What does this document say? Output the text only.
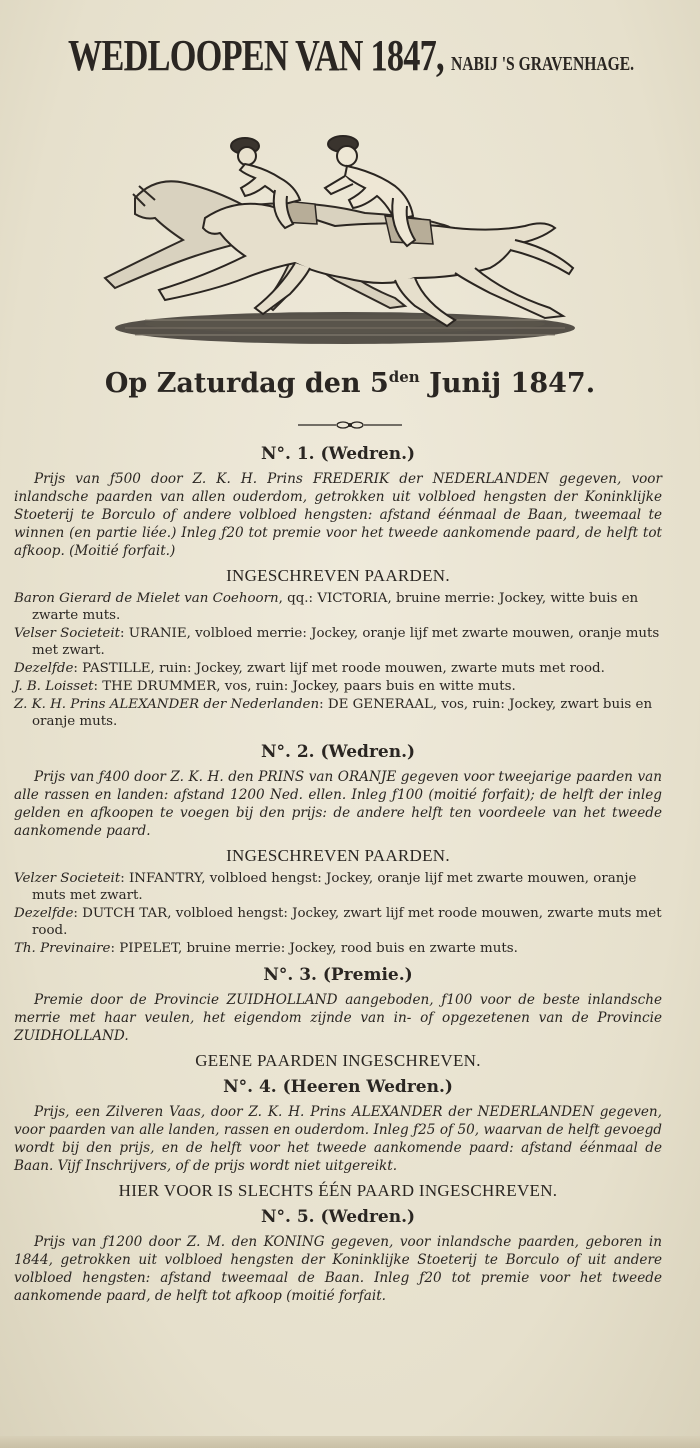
WEDLOOPEN VAN 1847, NABIJ 'S GRAVENHAGE.
Op Zaturdag den $5^{den}$ Junij 1847.
N°. 1. (Wedren.)

Prijs van ƒ500 door Z. K. H. Prins FREDERIK der NEDERLANDEN gegeven, voor inlandsche paarden van allen ouderdom, getrokken uit volbloed hengsten der Koninklijke Stoeterij te Borculo of andere volbloed hengsten: afstand éénmaal de Baan, tweemaal te winnen (en partie liée.) Inleg ƒ20 tot premie voor het tweede aankomende paard, de helft tot afkoop. (Moitié forfait.)

INGESCHREVEN PAARDEN.
Baron Gierard de Mielet van Coehoorn, qq.: VICTORIA, bruine merrie: Jockey, witte buis en zwarte muts.
Velser Societeit: URANIE, volbloed merrie: Jockey, oranje lijf met zwarte mouwen, oranje muts met zwart.
Dezelfde: PASTILLE, ruin: Jockey, zwart lijf met roode mouwen, zwarte muts met rood.
J. B. Loisset: THE DRUMMER, vos, ruin: Jockey, paars buis en witte muts.
Z. K. H. Prins ALEXANDER der Nederlanden: DE GENERAAL, vos, ruin: Jockey, zwart buis en oranje muts.
N°. 2. (Wedren.)

Prijs van ƒ400 door Z. K. H. den PRINS van ORANJE gegeven voor tweejarige paarden van alle rassen en landen: afstand 1200 Ned. ellen. Inleg ƒ100 (moitié forfait); de helft der inleg gelden en afkoopen te voegen bij den prijs: de andere helft ten voordeele van het tweede aankomende paard.

INGESCHREVEN PAARDEN.
Velzer Societeit: INFANTRY, volbloed hengst: Jockey, oranje lijf met zwarte mouwen, oranje muts met zwart.
Dezelfde: DUTCH TAR, volbloed hengst: Jockey, zwart lijf met roode mouwen, zwarte muts met rood.
Th. Previnaire: PIPELET, bruine merrie: Jockey, rood buis en zwarte muts.
N°. 3. (Premie.)

Premie door de Provincie ZUIDHOLLAND aangeboden, ƒ100 voor de beste inlandsche merrie met haar veulen, het eigendom zijnde van in- of opgezetenen van de Provincie ZUIDHOLLAND.

GEENE PAARDEN INGESCHREVEN.
N°. 4. (Heeren Wedren.)

Prijs, een Zilveren Vaas, door Z. K. H. Prins ALEXANDER der NEDERLANDEN gegeven, voor paarden van alle landen, rassen en ouderdom. Inleg ƒ25 of 50, waarvan de helft gevoegd wordt bij den prijs, en de helft voor het tweede aankomende paard: afstand éénmaal de Baan. Vijf Inschrijvers, of de prijs wordt niet uitgereikt.

HIER VOOR IS SLECHTS ÉÉN PAARD INGESCHREVEN.
N°. 5. (Wedren.)

Prijs van ƒ1200 door Z. M. den KONING gegeven, voor inlandsche paarden, geboren in 1844, getrokken uit volbloed hengsten der Koninklijke Stoeterij te Borculo of uit andere volbloed hengsten: afstand tweemaal de Baan. Inleg ƒ20 tot premie voor het tweede aankomende paard, de helft tot afkoop (moitié forfait.
